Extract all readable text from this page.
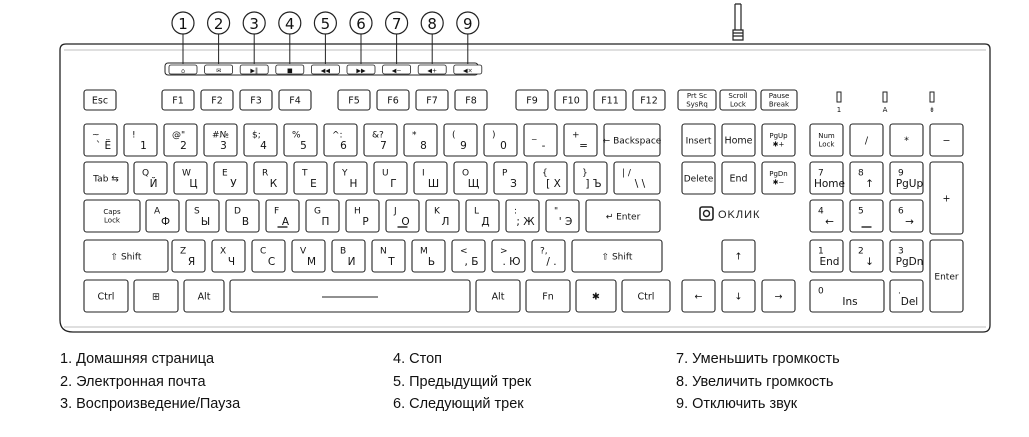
1 2 3 4 5 6 7 8 9
⌂	✉	▶‖	■	◀◀	▶▶	◀−	◀+	◀×
Esc	F1	F2	F3	F4	F5	F6	F7	F8	F9	F10 F11 F12	Prt Sc
SysRq
Scroll
Lock
Pause
Break
~
` Ё
!
1
@"
2
#№
3
$;
4
%
5
^:
6
&?
7
*
8
(
9
)
0
_
-
+
= ← Backspace	Insert Home PgUp
✱+
Num
Lock	/	*	−
Tab ⇆
Q
Й
W
Ц
E
У
R
К
T
Е
Y
Н
U
Г
I
Ш
O
Щ
P
З
{
[ Х
}
] Ъ
| /
\ \	Delete End	PgDn
✱−
7
Home
8
↑
9
PgUp
+
Caps
Lock
A
Ф
S
Ы
D
В
F
А
G
П
H
Р
J
О
K
Л
L
Д
:
; Ж
"
' Э	↵ Enter
4
←
5	6
→
⇧ Shift
Z
Я
X
Ч
C
С
V
М
B
И
N
Т
M
Ь
<
, Б
>
. Ю
?,
/ .	⇧ Shift	↑
1
End
2
↓
3
PgDn
Enter
Ctrl	⊞	Alt	Alt	Fn	✱	Ctrl	←	↓	→
0
Ins
.
Del
OKЛИК
1	A	⇟
1. Домашняя страница
2. Электронная почта
3. Воспроизведение/Пауза
4. Стоп
5. Предыдущий трек
6. Следующий трек
7. Уменьшить громкость
8. Увеличить громкость
9. Отключить звук
